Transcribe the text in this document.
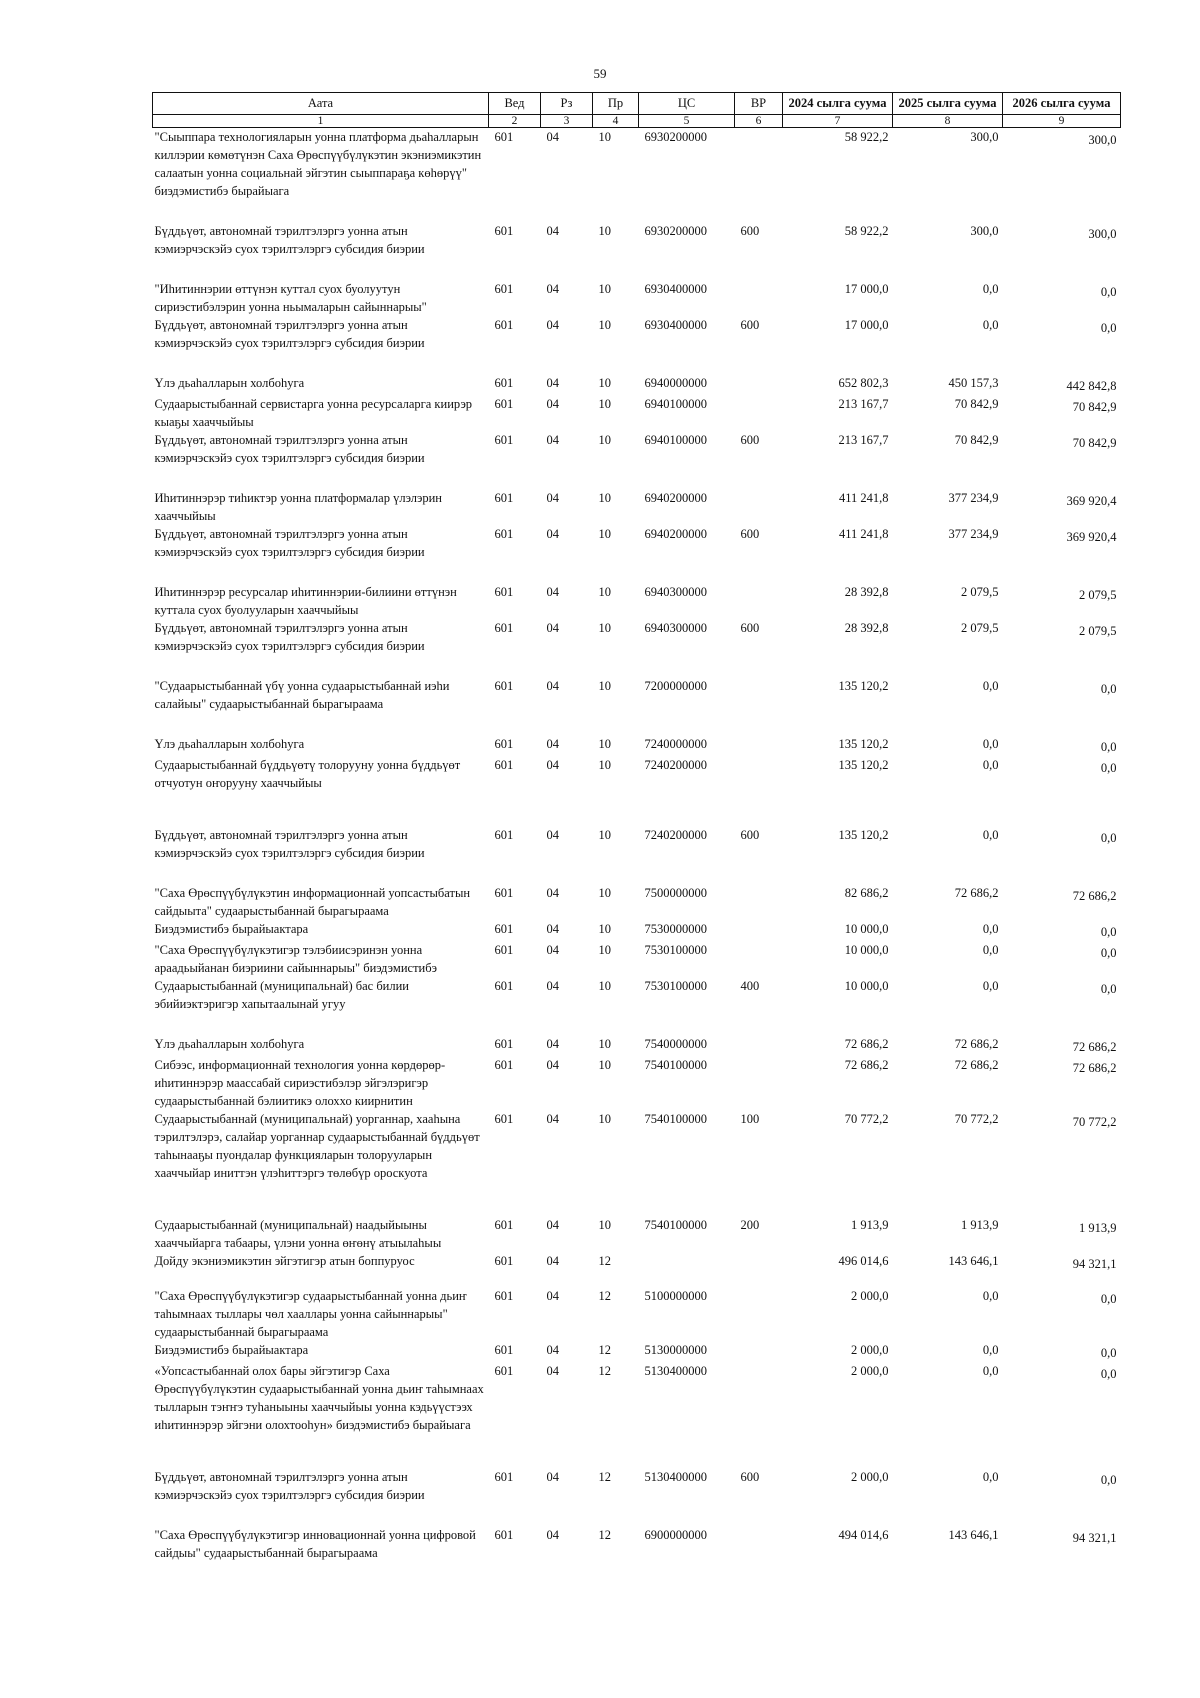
59
Аата	Вед	Рз	Пр	ЦС	ВР	2024 сылга суума	2025 сылга суума	2026 сылга суума
1	2	3	4	5	6	7	8	9
"Сыыппара технологияларын уонна платформа дьаhалларын киллэрии көмөтүнэн Саха Өрөспүүбүлүкэтин экэниэмикэтин салаатын уонна социальнай эйгэтин сыыппараҕа көhөрүү" биэдэмистибэ бырайыага	601	04	10	6930200000		58 922,2	300,0	300,0
Бүддьүөт, автономнай тэрилтэлэргэ уонна атын кэмиэрчэскэйэ суох тэрилтэлэргэ субсидия биэрии	601	04	10	6930200000	600	58 922,2	300,0	300,0
"Иhитиннэрии өттүнэн куттал суох буолуутун сириэстибэлэрин уонна ньымаларын сайыннарыы"	601	04	10	6930400000		17 000,0	0,0	0,0
Бүддьүөт, автономнай тэрилтэлэргэ уонна атын кэмиэрчэскэйэ суох тэрилтэлэргэ субсидия биэрии	601	04	10	6930400000	600	17 000,0	0,0	0,0
Үлэ дьаhалларын холбоhуга	601	04	10	6940000000		652 802,3	450 157,3	442 842,8
Судаарыстыбаннай сервистарга уонна ресурсаларга киирэр кыаҕы хааччыйыы	601	04	10	6940100000		213 167,7	70 842,9	70 842,9
Бүддьүөт, автономнай тэрилтэлэргэ уонна атын кэмиэрчэскэйэ суох тэрилтэлэргэ субсидия биэрии	601	04	10	6940100000	600	213 167,7	70 842,9	70 842,9
Иhитиннэрэр тиhиктэр уонна платформалар үлэлэрин хааччыйыы	601	04	10	6940200000		411 241,8	377 234,9	369 920,4
Бүддьүөт, автономнай тэрилтэлэргэ уонна атын кэмиэрчэскэйэ суох тэрилтэлэргэ субсидия биэрии	601	04	10	6940200000	600	411 241,8	377 234,9	369 920,4
Иhитиннэрэр ресурсалар иhитиннэрии-билиини өттүнэн куттала суох буолууларын хааччыйыы	601	04	10	6940300000		28 392,8	2 079,5	2 079,5
Бүддьүөт, автономнай тэрилтэлэргэ уонна атын кэмиэрчэскэйэ суох тэрилтэлэргэ субсидия биэрии	601	04	10	6940300000	600	28 392,8	2 079,5	2 079,5
"Судаарыстыбаннай үбү уонна судаарыстыбаннай иэhи салайыы" судаарыстыбаннай бырагыраама	601	04	10	7200000000		135 120,2	0,0	0,0
Үлэ дьаhалларын холбоhуга	601	04	10	7240000000		135 120,2	0,0	0,0
Судаарыстыбаннай бүддьүөтү толорууну уонна бүддьүөт отчуотун оҥорууну хааччыйыы	601	04	10	7240200000		135 120,2	0,0	0,0
Бүддьүөт, автономнай тэрилтэлэргэ уонна атын кэмиэрчэскэйэ суох тэрилтэлэргэ субсидия биэрии	601	04	10	7240200000	600	135 120,2	0,0	0,0
"Саха Өрөспүүбүлүкэтин информационнай уопсастыбатын сайдыыта" судаарыстыбаннай бырагыраама	601	04	10	7500000000		82 686,2	72 686,2	72 686,2
Биэдэмистибэ бырайыактара	601	04	10	7530000000		10 000,0	0,0	0,0
"Саха Өрөспүүбүлүкэтигэр тэлэбиисэринэн уонна араадьыйанан биэриини сайыннарыы" биэдэмистибэ	601	04	10	7530100000		10 000,0	0,0	0,0
Судаарыстыбаннай (муниципальнай) бас билии эбийиэктэригэр хапытаалынай угуу	601	04	10	7530100000	400	10 000,0	0,0	0,0
Үлэ дьаhалларын холбоhуга	601	04	10	7540000000		72 686,2	72 686,2	72 686,2
Сибээс, информационнай технология уонна көрдөрөр-иhитиннэрэр маассабай сириэстибэлэр эйгэлэригэр судаарыстыбаннай бэлиитикэ олоххо киирнитин	601	04	10	7540100000		72 686,2	72 686,2	72 686,2
Судаарыстыбаннай (муниципальнай) уорганнар, хааhына тэрилтэлэрэ, салайар уорганнар судаарыстыбаннай бүддьүөт таhынааҕы пуондалар функцияларын толорууларын хааччыйар иниттэн үлэhиттэргэ төлөбүр ороскуота	601	04	10	7540100000	100	70 772,2	70 772,2	70 772,2
Судаарыстыбаннай (муниципальнай) наадыйыыны хааччыйарга табаары, үлэни уонна өҥөнү атыылаhыы	601	04	10	7540100000	200	1 913,9	1 913,9	1 913,9
Дойду экэниэмикэтин эйгэтигэр атын боппуруос	601	04	12			496 014,6	143 646,1	94 321,1
"Саха Өрөспүүбүлүкэтигэр судаарыстыбаннай уонна дьиҥ таhымнаах тыллары чөл хааллары уонна сайыннарыы" судаарыстыбаннай бырагыраама	601	04	12	5100000000		2 000,0	0,0	0,0
Биэдэмистибэ бырайыактара	601	04	12	5130000000		2 000,0	0,0	0,0
«Уопсастыбаннай олох бары эйгэтигэр Саха Өрөспүүбүлүкэтин судаарыстыбаннай уонна дьиҥ таhымнаах тылларын тэҥҥэ туhаныыны хааччыйыы уонна кэдьүүстээх иhитиннэрэр эйгэни олохтооhун» биэдэмистибэ бырайыага	601	04	12	5130400000		2 000,0	0,0	0,0
Бүддьүөт, автономнай тэрилтэлэргэ уонна атын кэмиэрчэскэйэ суох тэрилтэлэргэ субсидия биэрии	601	04	12	5130400000	600	2 000,0	0,0	0,0
"Саха Өрөспүүбүлүкэтигэр инновационнай уонна цифровой сайдыы" судаарыстыбаннай бырагыраама	601	04	12	6900000000		494 014,6	143 646,1	94 321,1
